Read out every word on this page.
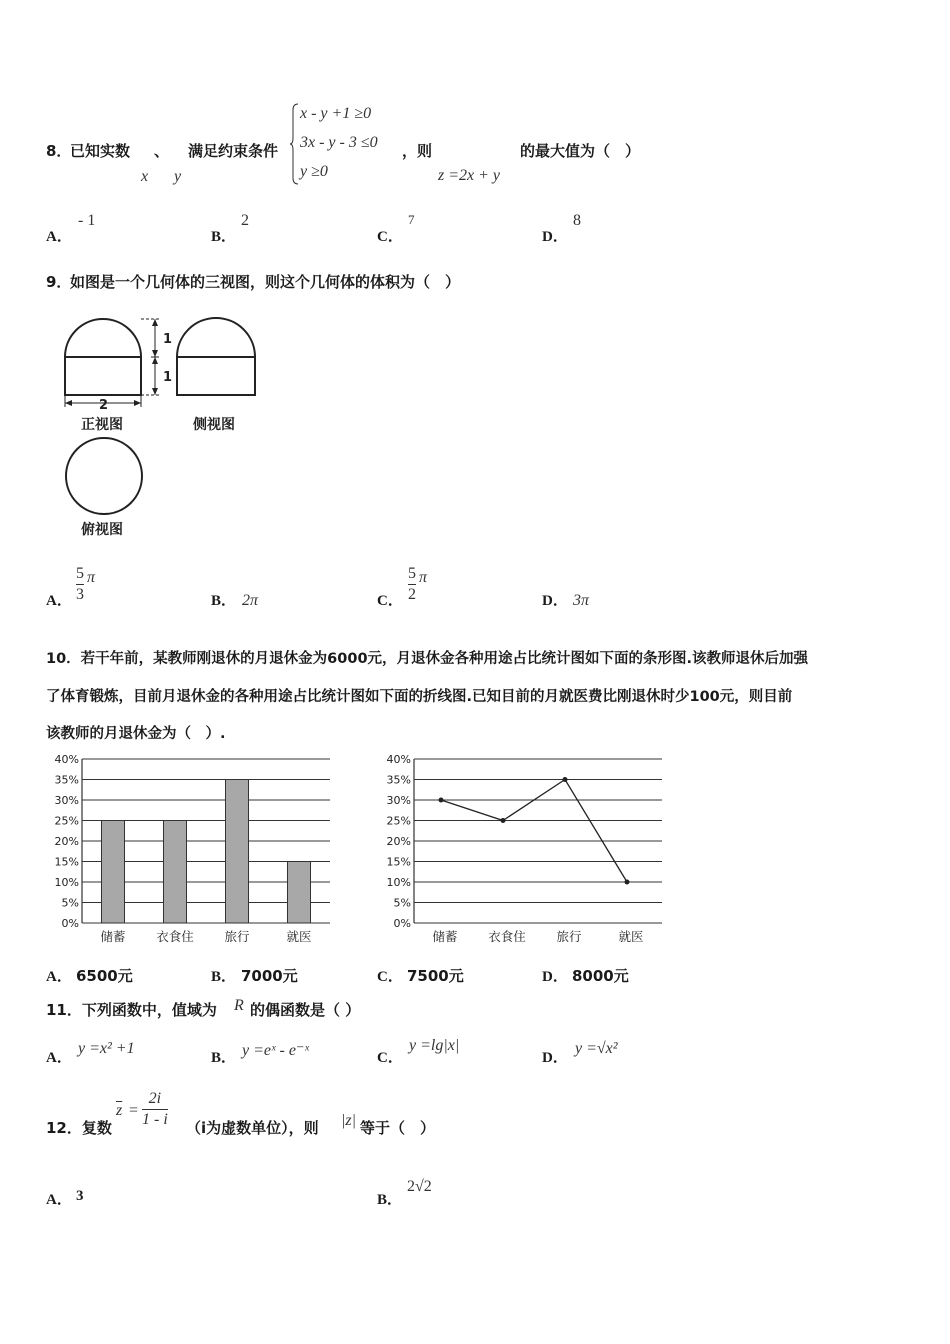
8．
已知实数 、 满足约束条件
x y
x - y +1 ≥0
3x - y - 3 ≤0
y ≥0
，则
z =2x + y
的最大值为（　）
A．
- 1
B．
2
C．
7
D．
8
9．
如图是一个几何体的三视图，则这个几何体的体积为（　）
1
1
2
正视图	侧视图
俯视图
A． $\frac{5}{3}$ π
B． 2π	C． $\frac{5}{2}$ π
D． 3π
10．若干年前，某教师刚退休的月退休金为6000元，月退休金各种用途占比统计图如下面的条形图.该教师退休后加强
了体育锻炼，目前月退休金的各种用途占比统计图如下面的折线图.已知目前的月就医费比刚退休时少100元，则目前
该教师的月退休金为（　）.
0%
5%
10%
15%
20%
25%
30%
35%
40%
储蓄 衣食住 旅行	就医
0%
5%
10%
15%
20%
25%
30%
35%
40%
储蓄 衣食住 旅行	就医
A． 6500元	B． 7000元	C． 7500元	D． 8000元
11．下列函数中，值域为 R 的偶函数是（ ）
A．
y =x² +1
B． y =eˣ - e⁻ˣ	C．
y =lg|x|
D．
y =√x²
12．复数
$\overline{z} = \frac{2i}{1 - i} (i$为虚数单位），则 |z| 等于（　）
A． 3	B．
2√2
